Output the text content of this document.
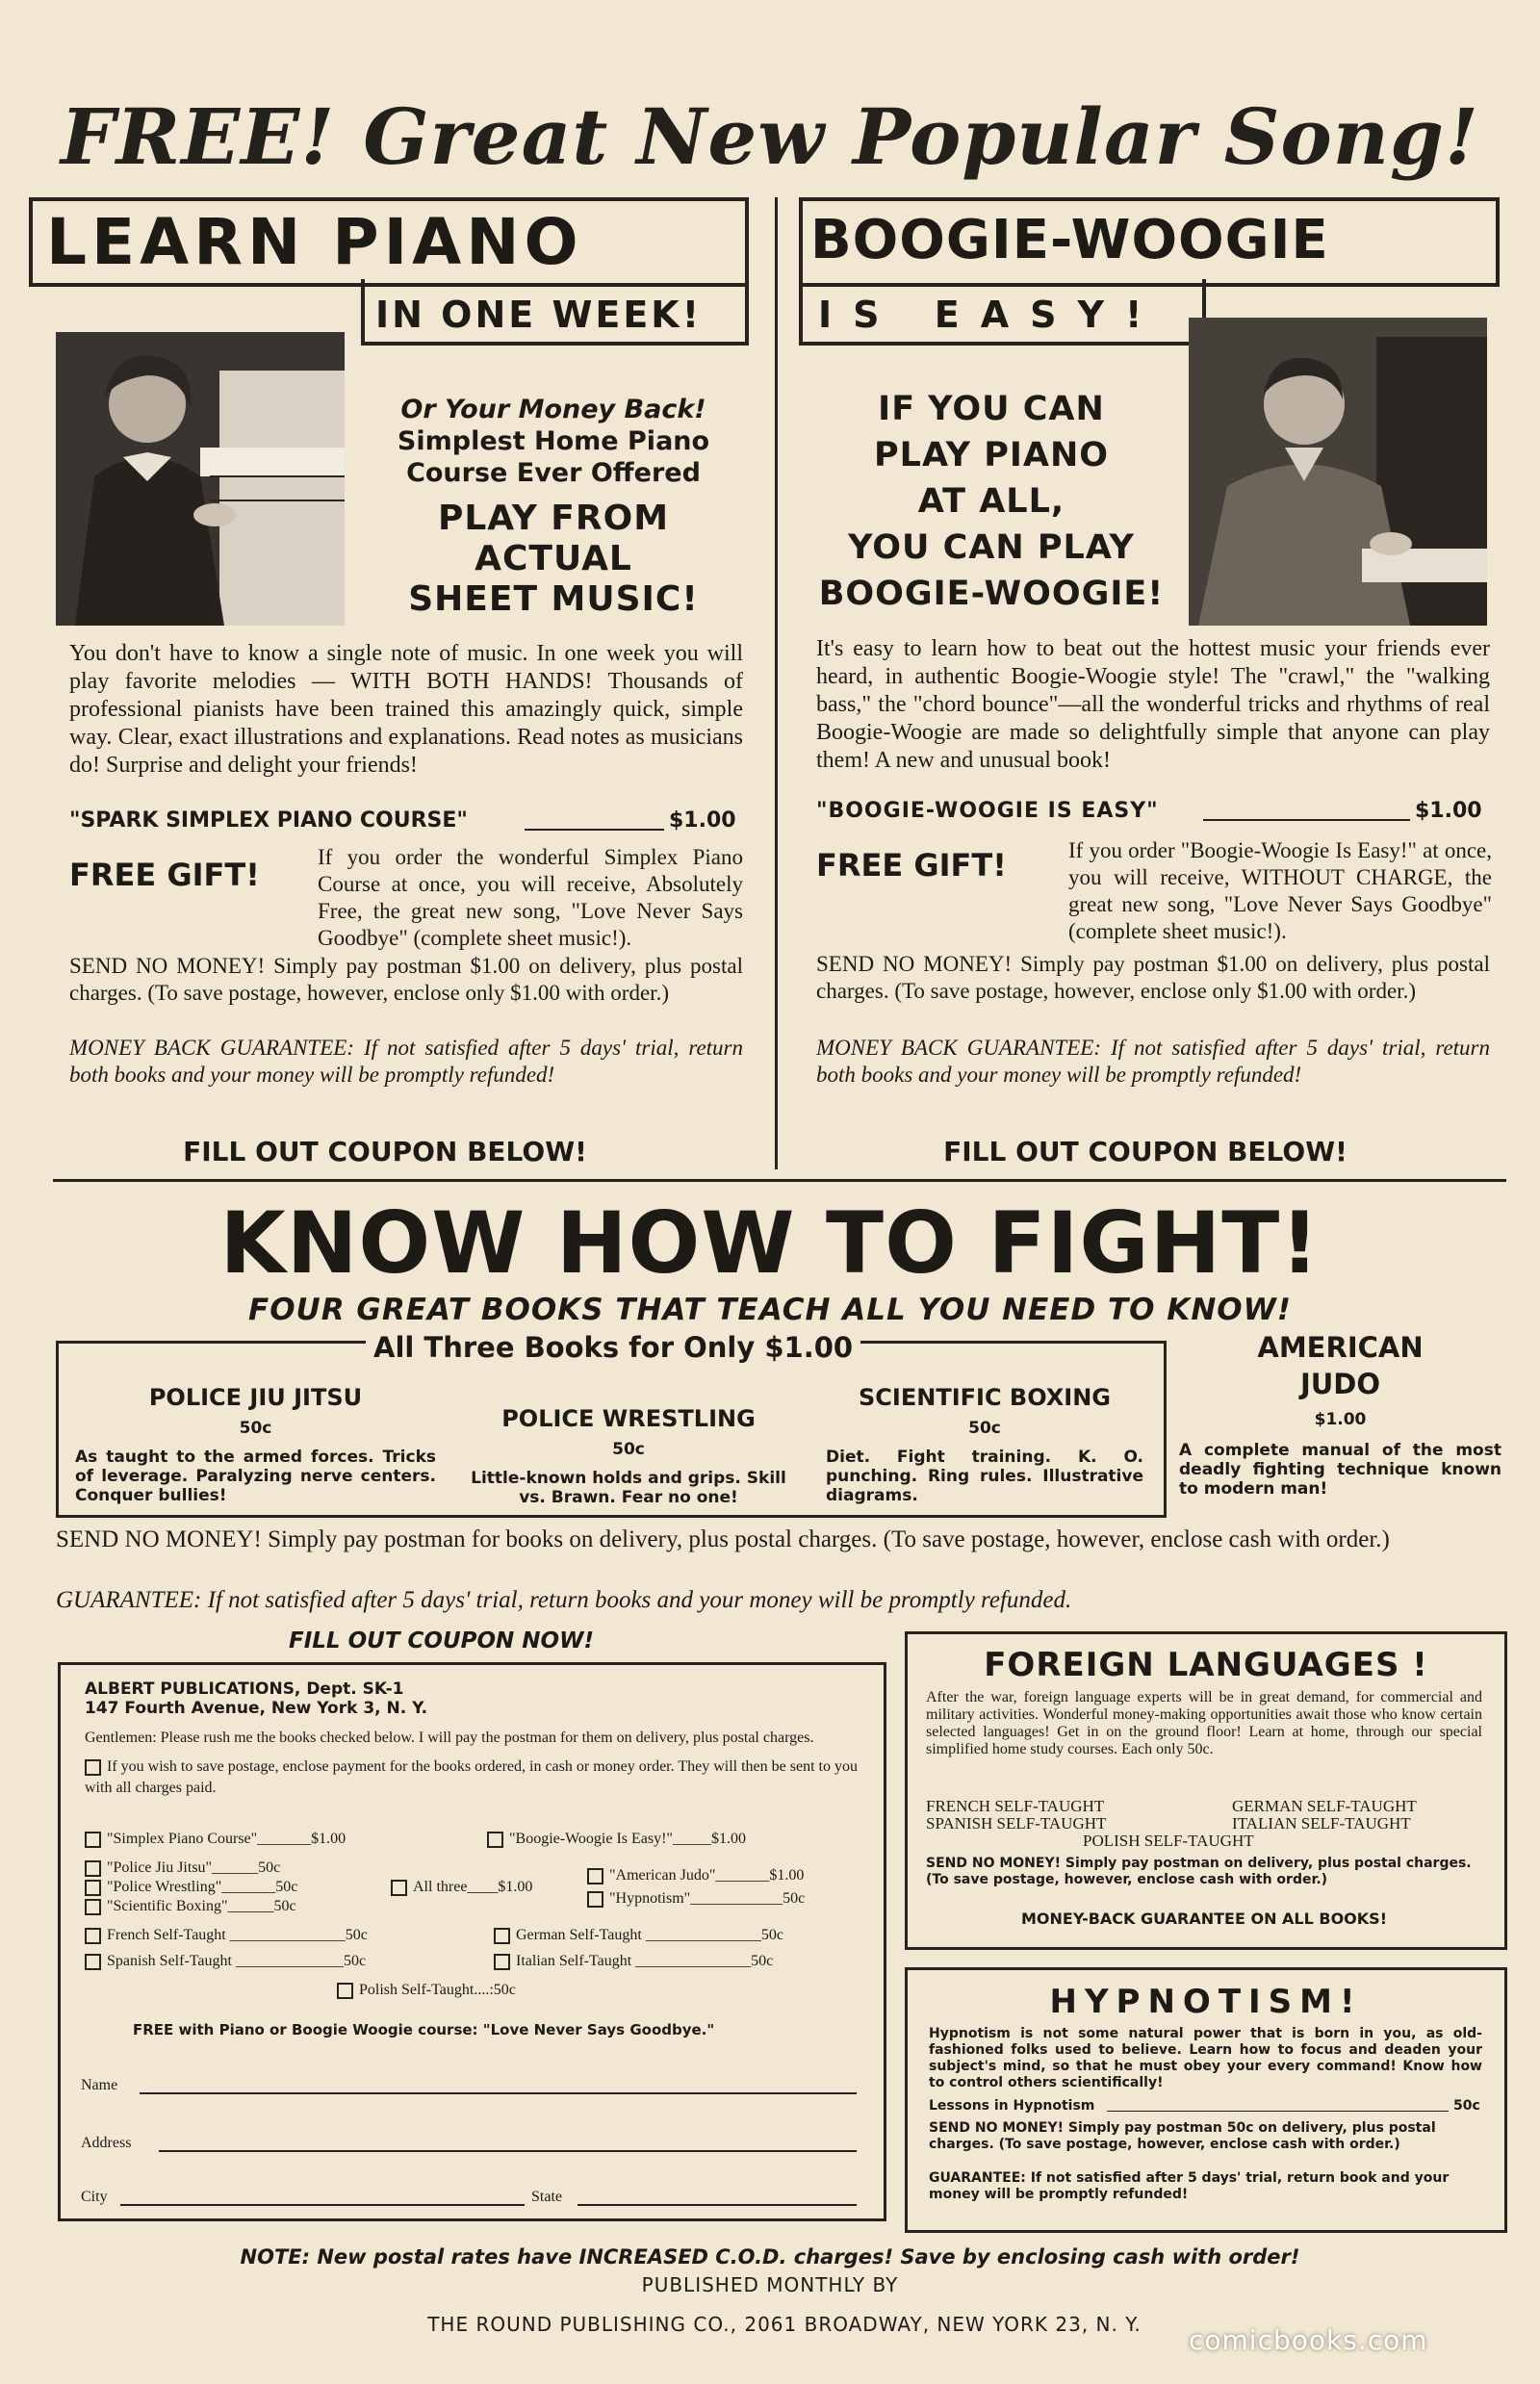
FREE! Great New Popular Song!
LEARN PIANO
IN ONE WEEK!
Or Your Money Back!
Simplest Home Piano
Course Ever Offered
PLAY FROM
ACTUAL
SHEET MUSIC!
You don't have to know a single note of music. In one week you will play favorite melodies — WITH BOTH HANDS! Thousands of professional pianists have been trained this amazingly quick, simple way. Clear, exact illustrations and explanations. Read notes as musicians do! Surprise and delight your friends!
"SPARK SIMPLEX PIANO COURSE"	$1.00
FREE GIFT!	If you order the wonderful Simplex Piano Course at once, you will receive, Absolutely Free, the great new song, "Love Never Says Goodbye" (complete sheet music!).
SEND NO MONEY! Simply pay postman $1.00 on delivery, plus postal charges. (To save postage, however, enclose only $1.00 with order.)
MONEY BACK GUARANTEE: If not satisfied after 5 days' trial, return both books and your money will be promptly refunded!
FILL OUT COUPON BELOW!
BOOGIE-WOOGIE
IS EASY!
IF YOU CAN
PLAY PIANO
AT ALL,
YOU CAN PLAY
BOOGIE-WOOGIE!
It's easy to learn how to beat out the hottest music your friends ever heard, in authentic Boogie-Woogie style! The "crawl," the "walking bass," the "chord bounce"—all the wonderful tricks and rhythms of real Boogie-Woogie are made so delightfully simple that anyone can play them! A new and unusual book!
"BOOGIE-WOOGIE IS EASY"	$1.00
FREE GIFT!	If you order "Boogie-Woogie Is Easy!" at once, you will receive, WITHOUT CHARGE, the great new song, "Love Never Says Goodbye" (complete sheet music!).
SEND NO MONEY! Simply pay postman $1.00 on delivery, plus postal charges. (To save postage, however, enclose only $1.00 with order.)
MONEY BACK GUARANTEE: If not satisfied after 5 days' trial, return both books and your money will be promptly refunded!
FILL OUT COUPON BELOW!
KNOW HOW TO FIGHT!
FOUR GREAT BOOKS THAT TEACH ALL YOU NEED TO KNOW!
All Three Books for Only $1.00
POLICE JIU JITSU
50c
As taught to the armed forces. Tricks of leverage. Paralyzing nerve centers. Conquer bullies!
POLICE WRESTLING
50c
Little-known holds and grips. Skill vs. Brawn. Fear no one!
SCIENTIFIC BOXING
50c
Diet. Fight training. K. O. punching. Ring rules. Illustrative diagrams.
AMERICAN
JUDO
$1.00
A complete manual of the most deadly fighting technique known to modern man!
SEND NO MONEY! Simply pay postman for books on delivery, plus postal charges. (To save postage, however, enclose cash with order.)
GUARANTEE: If not satisfied after 5 days' trial, return books and your money will be promptly refunded.
FILL OUT COUPON NOW!
ALBERT PUBLICATIONS, Dept. SK-1
147 Fourth Avenue, New York 3, N. Y.
Gentlemen: Please rush me the books checked below. I will pay the postman for them on delivery, plus postal charges.
If you wish to save postage, enclose payment for the books ordered, in cash or money order. They will then be sent to you with all charges paid.
"Simplex Piano Course"_______$1.00	"Boogie-Woogie Is Easy!"_____$1.00
"Police Jiu Jitsu"______50c
"Police Wrestling"_______50c
"Scientific Boxing"______50c
All three____$1.00
"American Judo"_______$1.00
"Hypnotism"____________50c
French Self-Taught _______________50c	German Self-Taught _______________50c
Spanish Self-Taught ______________50c	Italian Self-Taught _______________50c
Polish Self-Taught....:50c
FREE with Piano or Boogie Woogie course: "Love Never Says Goodbye."
Name
Address
City	State
FOREIGN LANGUAGES !
After the war, foreign language experts will be in great demand, for commercial and military activities. Wonderful money-making opportunities await those who know certain selected languages! Get in on the ground floor! Learn at home, through our special simplified home study courses. Each only 50c.
FRENCH SELF-TAUGHT	GERMAN SELF-TAUGHT
SPANISH SELF-TAUGHT	ITALIAN SELF-TAUGHT
POLISH SELF-TAUGHT
SEND NO MONEY! Simply pay postman on delivery, plus postal charges. (To save postage, however, enclose cash with order.)
MONEY-BACK GUARANTEE ON ALL BOOKS!
HYPNOTISM!
Hypnotism is not some natural power that is born in you, as old-fashioned folks used to believe. Learn how to focus and deaden your subject's mind, so that he must obey your every command! Know how to control others scientifically!
Lessons in Hypnotism	50c
SEND NO MONEY! Simply pay postman 50c on delivery, plus postal charges. (To save postage, however, enclose cash with order.)
GUARANTEE: If not satisfied after 5 days' trial, return book and your money will be promptly refunded!
NOTE: New postal rates have INCREASED C.O.D. charges! Save by enclosing cash with order!
PUBLISHED MONTHLY BY
THE ROUND PUBLISHING CO., 2061 BROADWAY, NEW YORK 23, N. Y.	comicbooks.com
